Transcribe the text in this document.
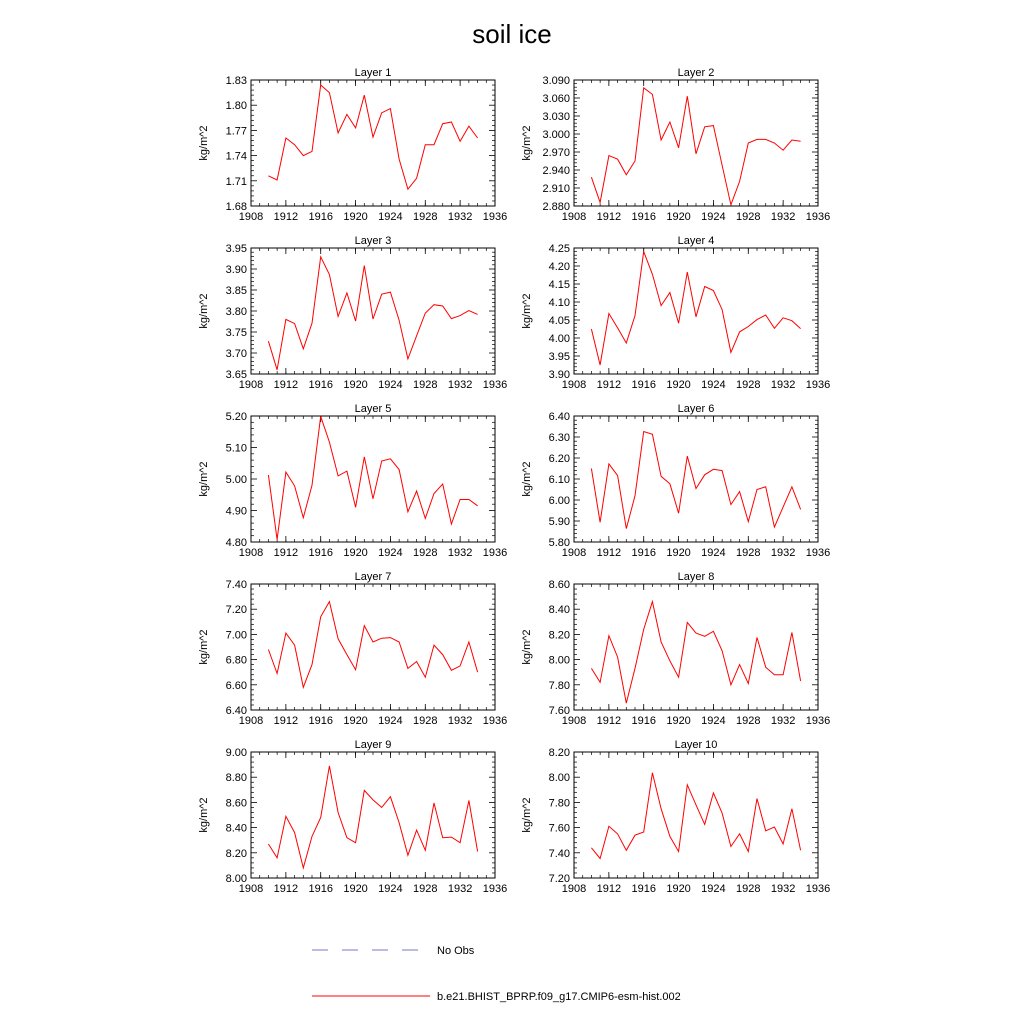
soil ice
Layer 1
kg/m^2
1908 1912 1916 1920 1924 1928 1932 1936
1.68
1.71
1.74
1.77
1.80
1.83
Layer 2
kg/m^2
1908 1912 1916 1920 1924 1928 1932 1936
2.880
2.910
2.940
2.970
3.000
3.030
3.060
3.090
Layer 3
kg/m^2
1908 1912 1916 1920 1924 1928 1932 1936
3.65
3.70
3.75
3.80
3.85
3.90
3.95
Layer 4
kg/m^2
1908 1912 1916 1920 1924 1928 1932 1936
3.90
3.95
4.00
4.05
4.10
4.15
4.20
4.25
Layer 5
kg/m^2
1908 1912 1916 1920 1924 1928 1932 1936
4.80
4.90
5.00
5.10
5.20
Layer 6
kg/m^2
1908 1912 1916 1920 1924 1928 1932 1936
5.80
5.90
6.00
6.10
6.20
6.30
6.40
Layer 7
kg/m^2
1908 1912 1916 1920 1924 1928 1932 1936
6.40
6.60
6.80
7.00
7.20
7.40
Layer 8
kg/m^2
1908 1912 1916 1920 1924 1928 1932 1936
7.60
7.80
8.00
8.20
8.40
8.60
Layer 9
kg/m^2
1908 1912 1916 1920 1924 1928 1932 1936
8.00
8.20
8.40
8.60
8.80
9.00
Layer 10
kg/m^2
1908 1912 1916 1920 1924 1928 1932 1936
7.20
7.40
7.60
7.80
8.00
8.20
No Obs
b.e21.BHIST_BPRP.f09_g17.CMIP6-esm-hist.002
